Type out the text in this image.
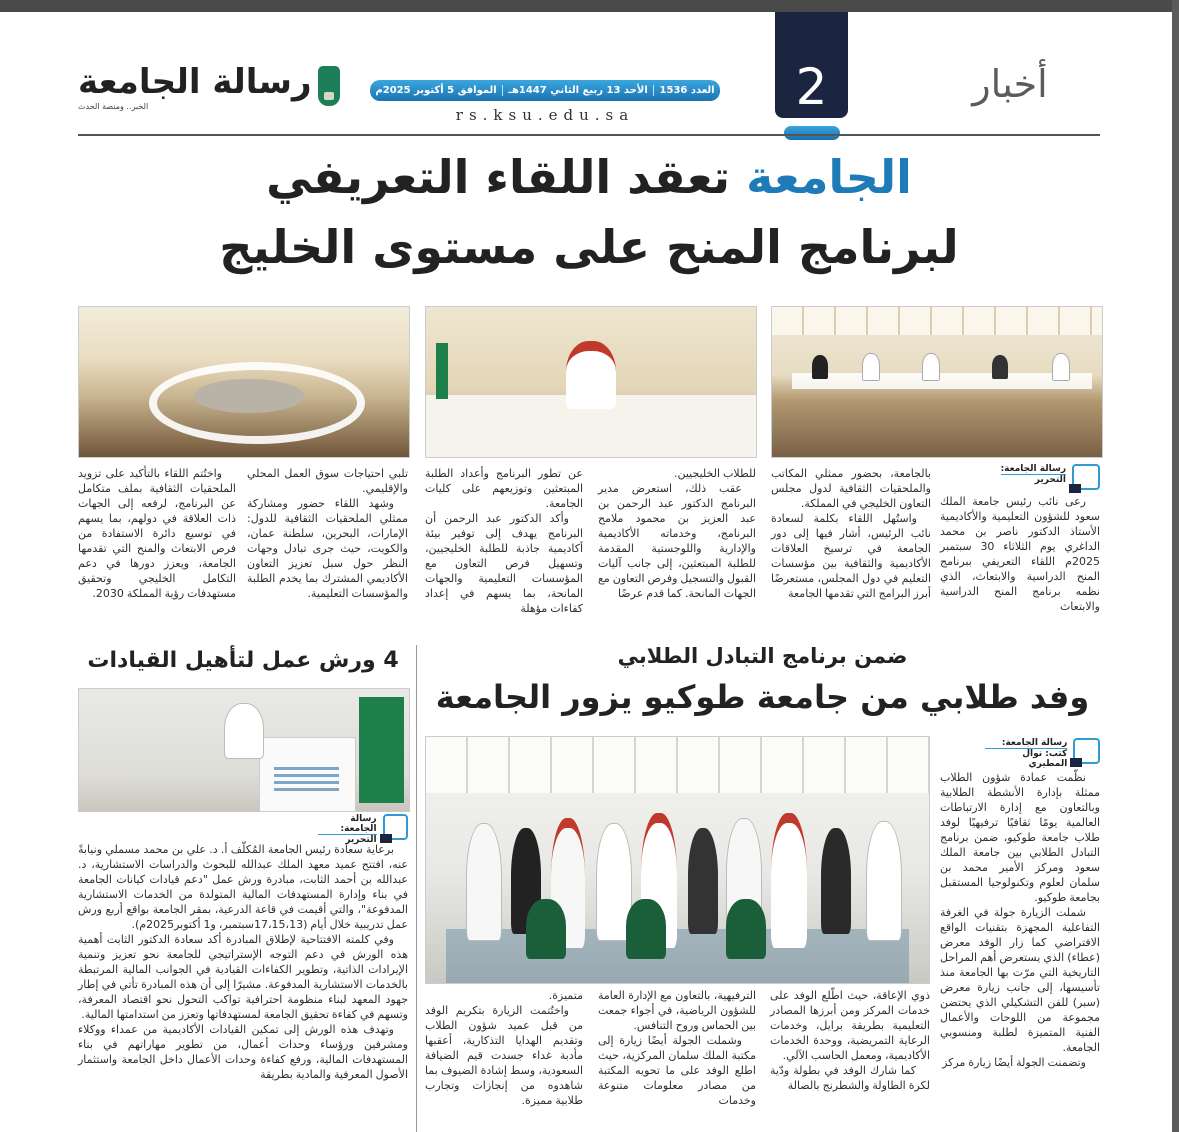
أخبار
2
العدد 1536
الأحد 13 ربيع الثاني 1447هـ
الموافق 5 أكتوبر 2025م
rs.ksu.edu.sa
رسالة الجامعة
الخبر.. ومنصة الحدث
الجامعة تعقد اللقاء التعريفي
لبرنامج المنح على مستوى الخليج
رسالة الجامعة:
التحرير

رعى نائب رئيس جامعة الملك سعود للشؤون التعليمية والأكاديمية الأستاذ الدكتور ناصر بن محمد الداغري يوم الثلاثاء 30 سبتمبر 2025م اللقاء التعريفي ببرنامج المنح الدراسية والابتعاث، الذي نظمه برنامج المنح الدراسية والابتعاث

بالجامعة، بحضور ممثلي المكاتب والملحقيات الثقافية لدول مجلس التعاون الخليجي في المملكة.

واستُهل اللقاء بكلمة لسعادة نائب الرئيس، أشار فيها إلى دور الجامعة في ترسيخ العلاقات الأكاديمية والثقافية بين مؤسسات التعليم في دول المجلس، مستعرضًا أبرز البرامج التي تقدمها الجامعة

للطلاب الخليجيين.

عقب ذلك، استعرض مدير البرنامج الدكتور عبد الرحمن بن عبد العزيز بن محمود ملامح البرنامج، وخدماته الأكاديمية والإدارية واللوجستية المقدمة للطلبة المبتعثين، إلى جانب آليات القبول والتسجيل وفرص التعاون مع الجهات المانحة. كما قدم عرضًا

عن تطور البرنامج وأعداد الطلبة المبتعثين وتوزيعهم على كليات الجامعة.

وأكد الدكتور عبد الرحمن أن البرنامج يهدف إلى توفير بيئة أكاديمية جاذبة للطلبة الخليجيين، وتسهيل فرص التعاون مع المؤسسات التعليمية والجهات المانحة، بما يسهم في إعداد كفاءات مؤهلة

تلبي احتياجات سوق العمل المحلي والإقليمي.

وشهد اللقاء حضور ومشاركة ممثلي الملحقيات الثقافية للدول: الإمارات، البحرين، سلطنة عمان، والكويت، حيث جرى تبادل وجهات النظر حول سبل تعزيز التعاون الأكاديمي المشترك بما يخدم الطلبة والمؤسسات التعليمية.

واختُتم اللقاء بالتأكيد على تزويد الملحقيات الثقافية بملف متكامل عن البرنامج، لرفعه إلى الجهات ذات العلاقة في دولهم، بما يسهم في توسيع دائرة الاستفادة من فرص الابتعاث والمنح التي تقدمها الجامعة، ويعزز دورها في دعم التكامل الخليجي وتحقيق مستهدفات رؤية المملكة 2030.

ضمن برنامج التبادل الطلابي
وفد طلابي من جامعة طوكيو يزور الجامعة
رسالة الجامعة:
كتب: نوال المطيري

نظّمت عمادة شؤون الطلاب ممثلة بإدارة الأنشطة الطلابية وبالتعاون مع إدارة الارتباطات العالمية يومًا ثقافيًا ترفيهيًا لوفد طلاب جامعة طوكيو، ضمن برنامج التبادل الطلابي بين جامعة الملك سعود ومركز الأمير محمد بن سلمان لعلوم وتكنولوجيا المستقبل بجامعة طوكيو.

شملت الزيارة جولة في الغرفة التفاعلية المجهزة بتقنيات الواقع الافتراضي كما زار الوفد معرض (عطاء) الذي يستعرض أهم المراحل التاريخية التي مرّت بها الجامعة منذ تأسيسها، إلى جانب زيارة معرض (سبر) للفن التشكيلي الذي يحتضن مجموعة من اللوحات والأعمال الفنية المتميزة لطلبة ومنسوبي الجامعة.

وتضمنت الجولة أيضًا زيارة مركز

ذوي الإعاقة، حيث اطّلع الوفد على خدمات المركز ومن أبرزها المصادر التعليمية بطريقة برايل، وخدمات الرعاية التمريضية، ووحدة الخدمات الأكاديمية، ومعمل الحاسب الآلي.

كما شارك الوفد في بطولة ودّية لكرة الطاولة والشطرنج بالصالة

الترفيهية، بالتعاون مع الإدارة العامة للشؤون الرياضية، في أجواء جمعت بين الحماس وروح التنافس.

وشملت الجولة أيضًا زيارة إلى مكتبة الملك سلمان المركزية، حيث اطلع الوفد على ما تحويه المكتبة من مصادر معلومات متنوعة وخدمات

متميزة.

واختُتمت الزيارة بتكريم الوفد من قبل عميد شؤون الطلاب وتقديم الهدايا التذكارية، أعقبها مأدبة غداء جسدت قيم الضيافة السعودية، وسط إشادة الضيوف بما شاهدوه من إنجازات وتجارب طلابية مميزة.

4 ورش عمل لتأهيل القيادات
رسالة الجامعة:
التحرير

برعاية سعادة رئيس الجامعة المُكلّف أ. د. علي بن محمد مسملي ونيابةً عنه، افتتح عميد معهد الملك عبدالله للبحوث والدراسات الاستشارية، د. عبدالله بن أحمد الثابت، مبادرة ورش عمل "دعم قيادات كيانات الجامعة في بناء وإدارة المستهدفات المالية المتولدة من الخدمات الاستشارية المدفوعة"، والتي أقيمت في قاعة الدرعية، بمقر الجامعة بواقع أربع ورش عمل تدريبية خلال أيام (17،15،13سبتمبر، و1 أكتوبر2025م).

وفي كلمته الافتتاحية لإطلاق المبادرة أكد سعادة الدكتور الثابت أهمية هذه الورش في دعم التوجه الإستراتيجي للجامعة نحو تعزيز وتنمية الإيرادات الذاتية، وتطوير الكفاءات القيادية في الجوانب المالية المرتبطة بالخدمات الاستشارية المدفوعة. مشيرًا إلى أن هذه المبادرة تأتي في إطار جهود المعهد لبناء منظومة احترافية تواكب التحول نحو اقتصاد المعرفة، وتسهم في كفاءة تحقيق الجامعة لمستهدفاتها وتعزز من استدامتها المالية.

وتهدف هذه الورش إلى تمكين القيادات الأكاديمية من عمداء ووكلاء ومشرفين ورؤساء وحدات أعمال، من تطوير مهاراتهم في بناء المستهدفات المالية، ورفع كفاءة وحدات الأعمال داخل الجامعة واستثمار الأصول المعرفية والمادية بطريقة
